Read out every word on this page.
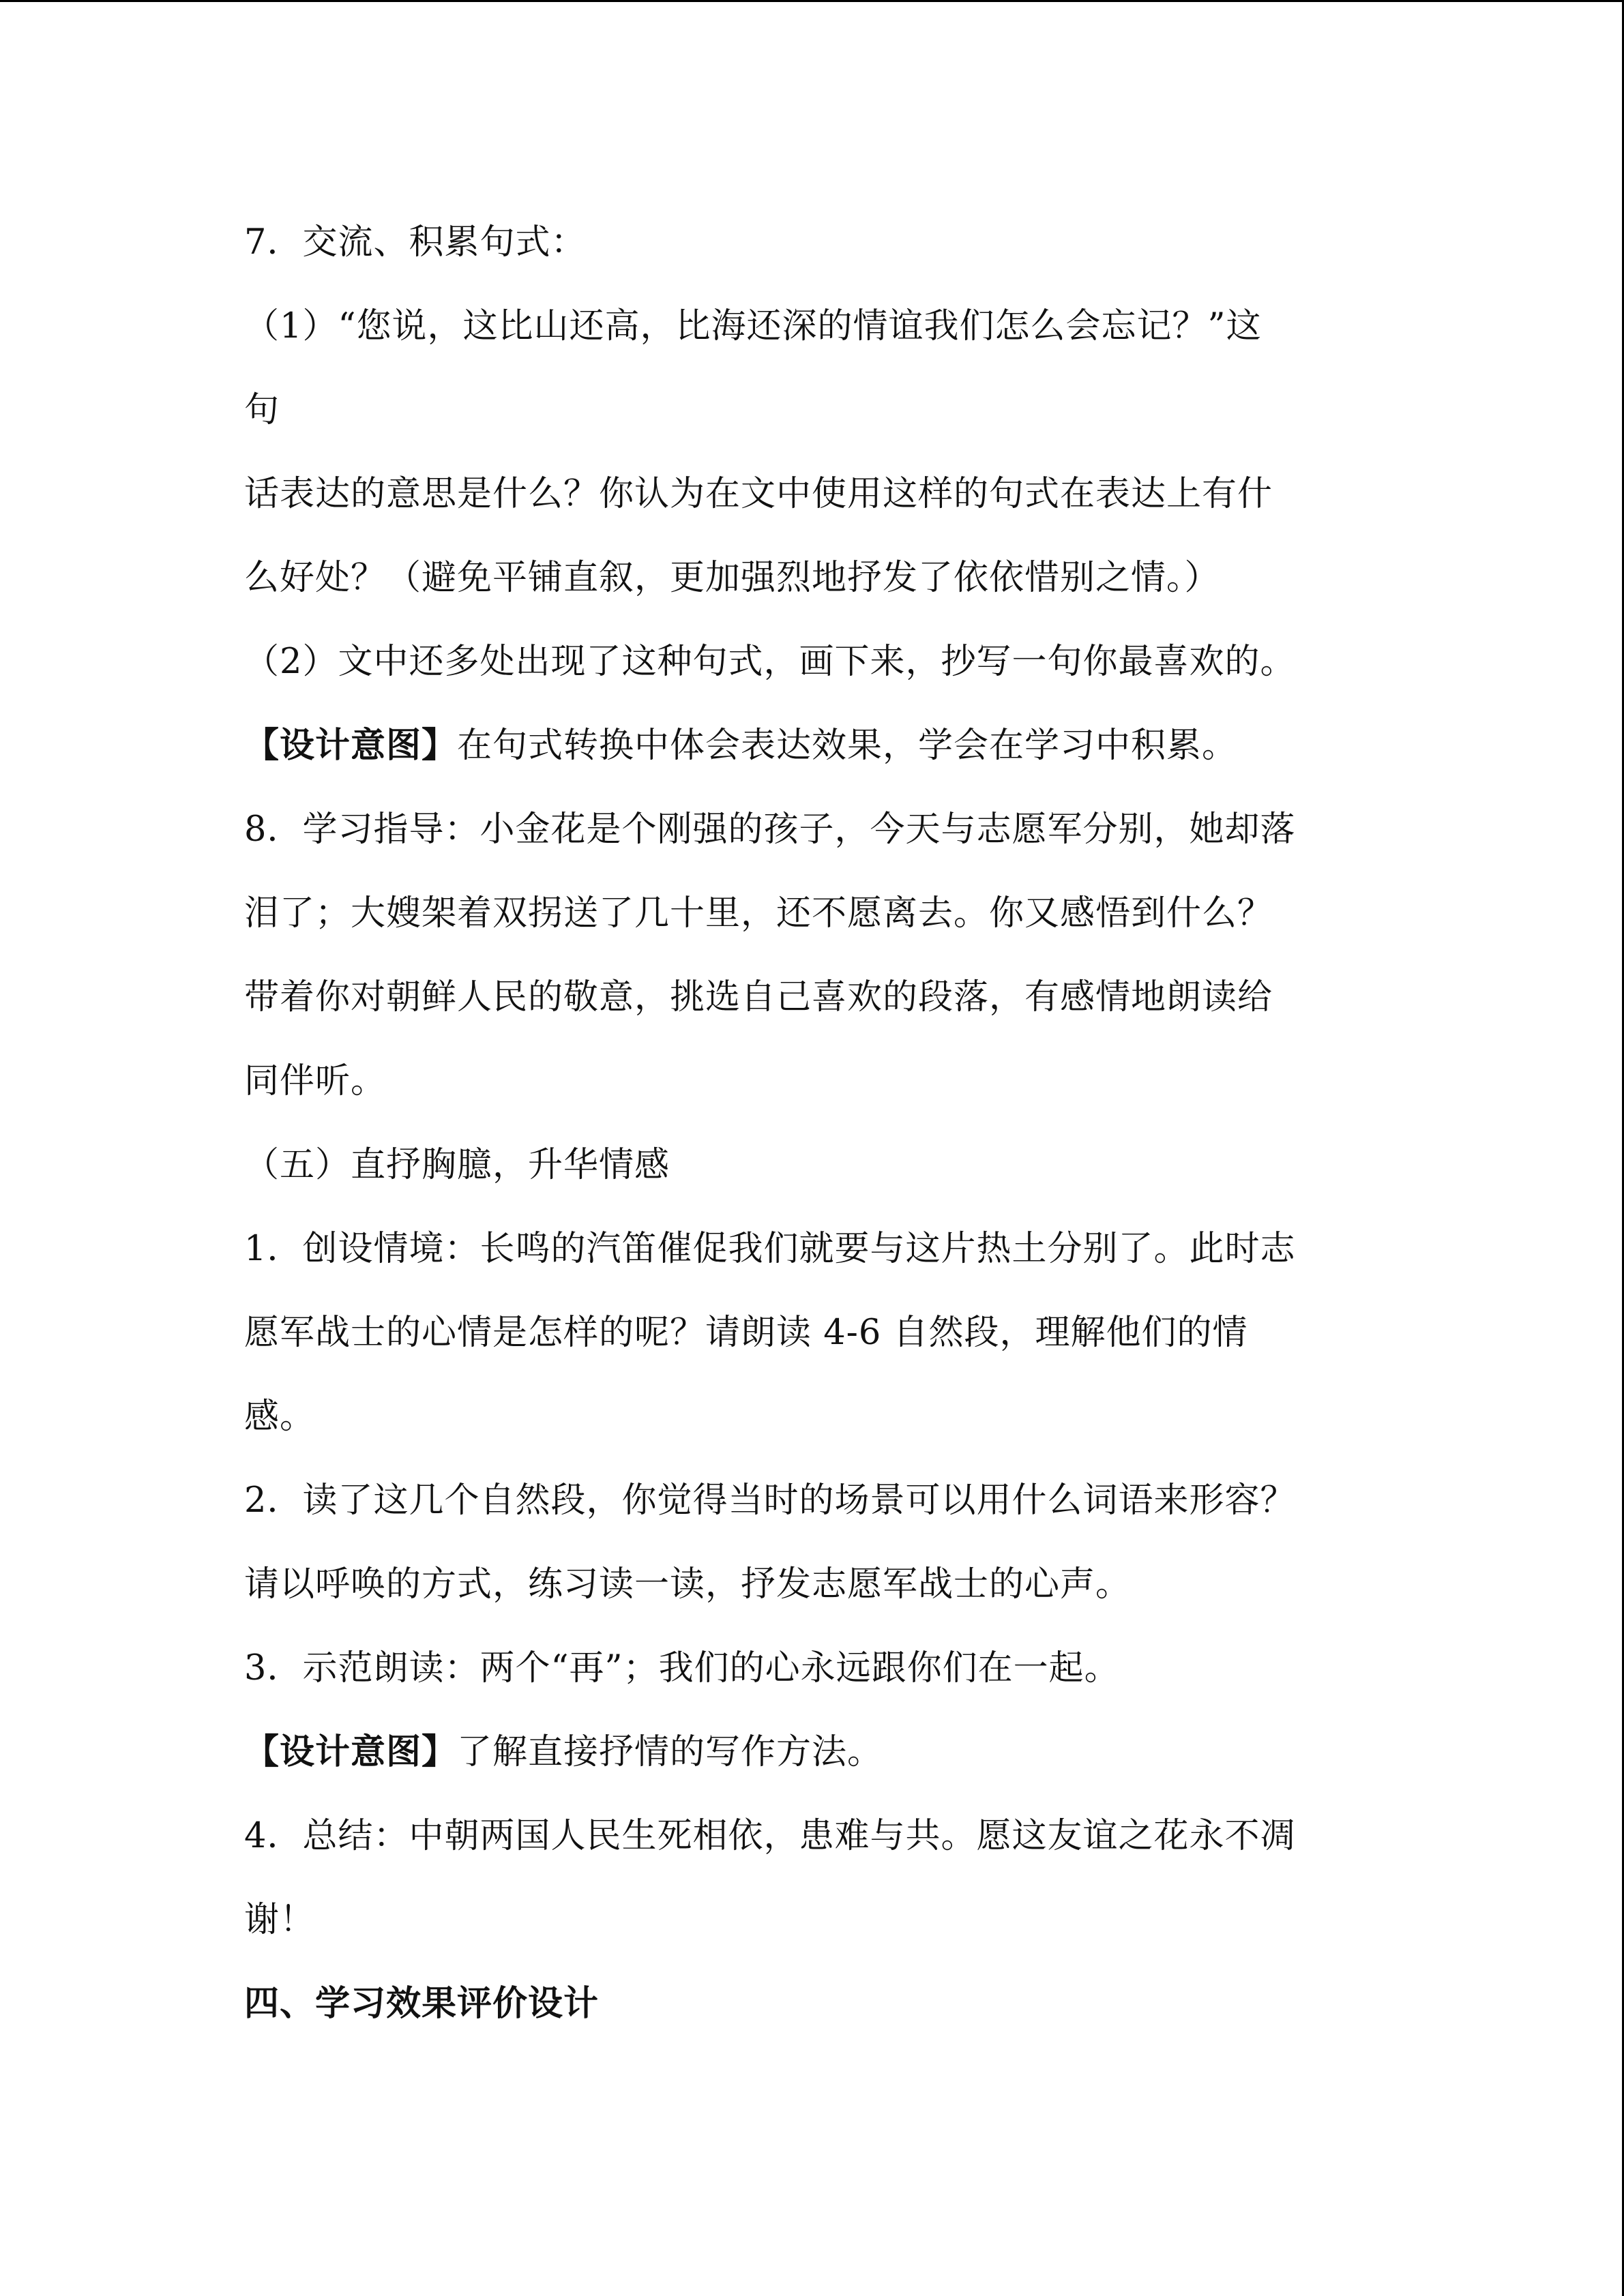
7．交流、积累句式：
（1）“您说，这比山还高，比海还深的情谊我们怎么会忘记？”这
句
话表达的意思是什么？你认为在文中使用这样的句式在表达上有什
么好处？（避免平铺直叙，更加强烈地抒发了依依惜别之情。）
（2）文中还多处出现了这种句式，画下来，抄写一句你最喜欢的。
【设计意图】在句式转换中体会表达效果，学会在学习中积累。
8．学习指导：小金花是个刚强的孩子，今天与志愿军分别，她却落
泪了；大嫂架着双拐送了几十里，还不愿离去。你又感悟到什么？
带着你对朝鲜人民的敬意，挑选自己喜欢的段落，有感情地朗读给
同伴听。
（五）直抒胸臆，升华情感
1．创设情境：长鸣的汽笛催促我们就要与这片热土分别了。此时志
愿军战士的心情是怎样的呢？请朗读 4-6 自然段，理解他们的情
感。
2．读了这几个自然段，你觉得当时的场景可以用什么词语来形容？
请以呼唤的方式，练习读一读，抒发志愿军战士的心声。
3．示范朗读：两个“再”；我们的心永远跟你们在一起。
【设计意图】了解直接抒情的写作方法。
4．总结：中朝两国人民生死相依，患难与共。愿这友谊之花永不凋
谢！
四、学习效果评价设计
